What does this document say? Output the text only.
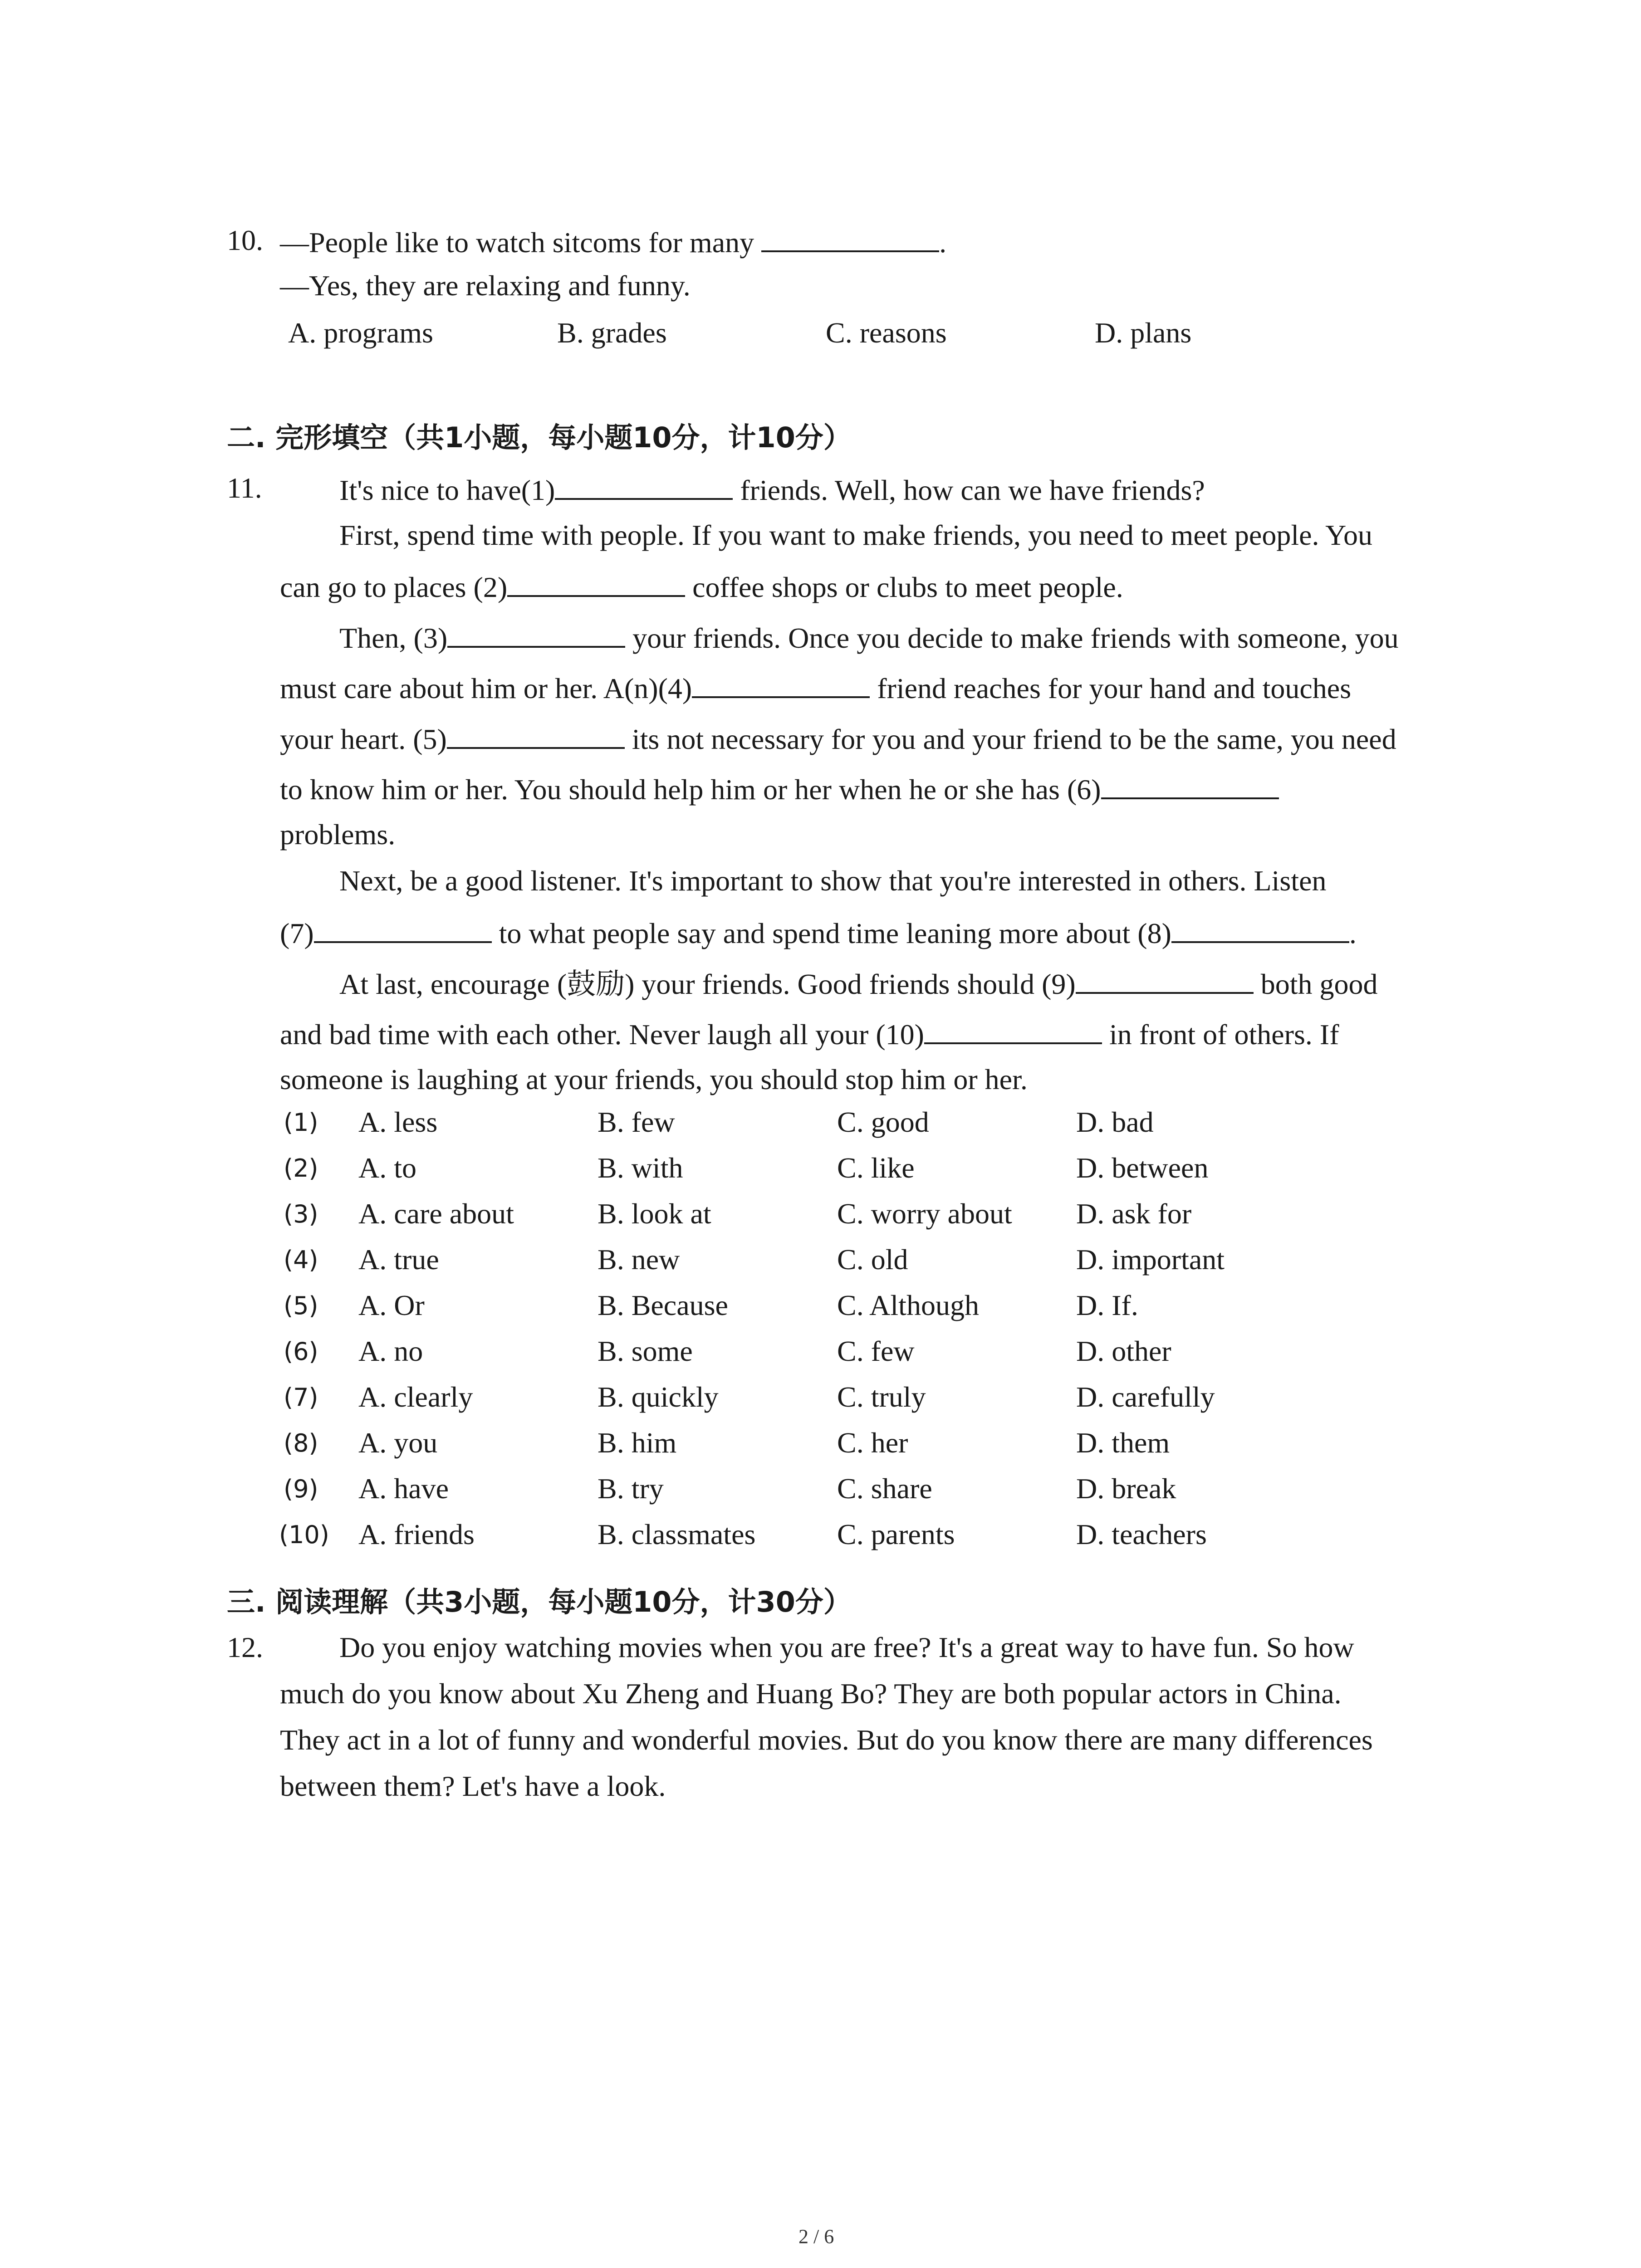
10. —People like to watch sitcoms for many	.
—Yes, they are relaxing and funny.
A. programs	B. grades	C. reasons	D. plans
二. 完形填空（共1小题，每小题10分，计10分）
11.	It's nice to have(1)	friends. Well, how can we have friends?
First, spend time with people. If you want to make friends, you need to meet people. You
can go to places (2)	coffee shops or clubs to meet people.
Then, (3)	your friends. Once you decide to make friends with someone, you
must care about him or her. A(n)(4)	friend reaches for your hand and touches
your heart. (5)	its not necessary for you and your friend to be the same, you need
to know him or her. You should help him or her when he or she has (6)
problems.
Next, be a good listener. It's important to show that you're interested in others. Listen
(7)	to what people say and spend time leaning more about (8)	.
At last, encourage (鼓励) your friends. Good friends should (9)	both good
and bad time with each other. Never laugh all your (10)	in front of others. If
someone is laughing at your friends, you should stop him or her.
(1) A. less	B. few	C. good	D. bad
(2) A. to	B. with	C. like	D. between
(3) A. care about	B. look at	C. worry about D. ask for
(4) A. true	B. new	C. old	D. important
(5) A. Or	B. Because	C. Although	D. If.
(6) A. no	B. some	C. few	D. other
(7) A. clearly	B. quickly	C. truly	D. carefully
(8) A. you	B. him	C. her	D. them
(9) A. have	B. try	C. share	D. break
(10) A. friends	B. classmates	C. parents	D. teachers
三. 阅读理解（共3小题，每小题10分，计30分）
12.	Do you enjoy watching movies when you are free? It's a great way to have fun. So how
much do you know about Xu Zheng and Huang Bo? They are both popular actors in China.
They act in a lot of funny and wonderful movies. But do you know there are many differences
between them? Let's have a look.
2 / 6
